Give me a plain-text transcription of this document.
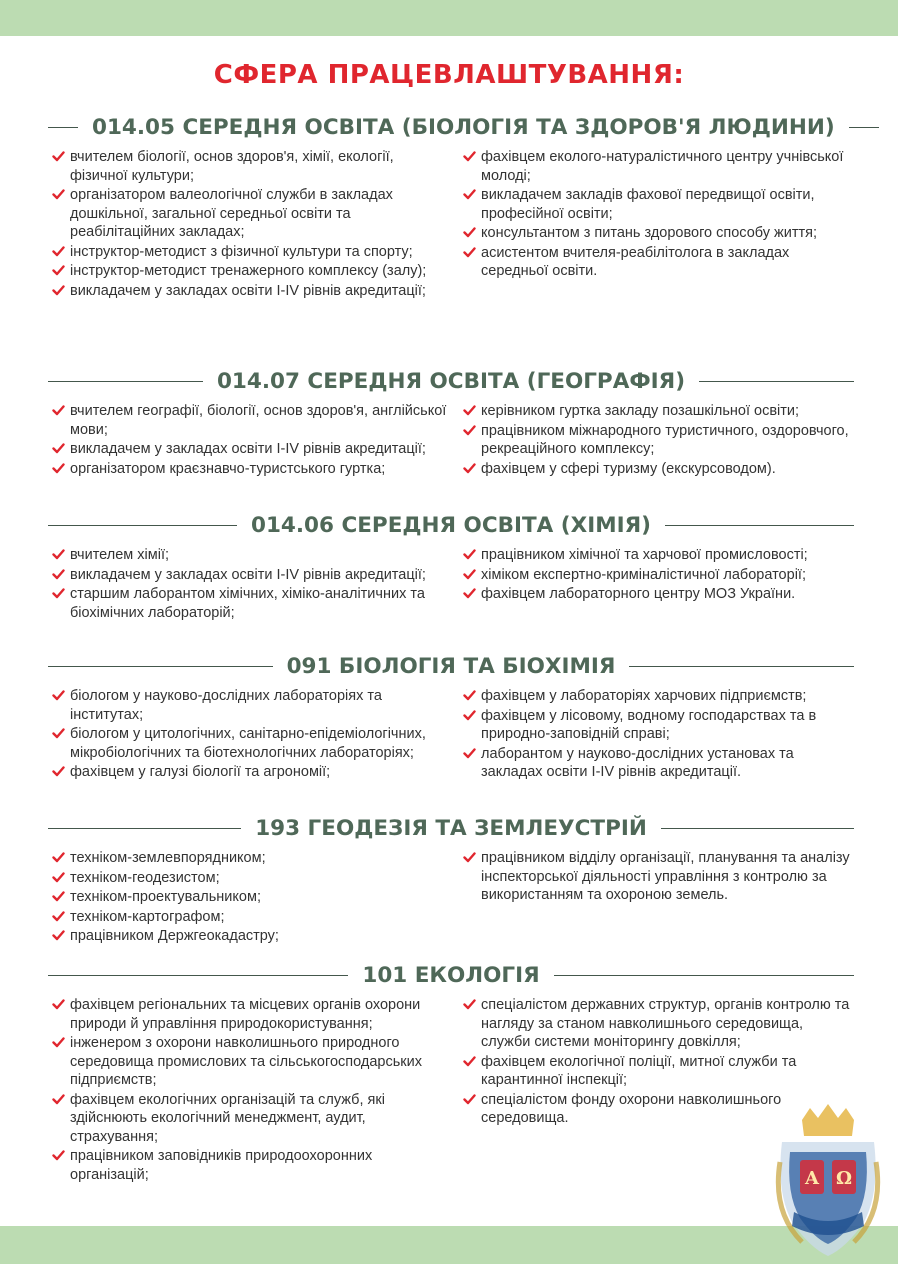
СФЕРА ПРАЦЕВЛАШТУВАННЯ:
014.05 СЕРЕДНЯ ОСВІТА (БІОЛОГІЯ ТА ЗДОРОВ'Я ЛЮДИНИ)
вчителем біології, основ здоров'я, хімії, екології, фізичної культури;
організатором валеологічної служби в закладах дошкільної, загальної середньої освіти та реабілітаційних закладах;
інструктор-методист з фізичної культури та спорту;
інструктор-методист тренажерного комплексу (залу);
викладачем у закладах освіти І-ІV рівнів акредитації;
фахівцем еколого-натуралістичного центру учнівської молоді;
викладачем закладів фахової передвищої освіти, професійної освіти;
консультантом з питань здорового способу життя;
асистентом вчителя-реабілітолога в закладах середньої освіти.
014.07 СЕРЕДНЯ ОСВІТА (ГЕОГРАФІЯ)
вчителем географії, біології, основ здоров'я, англійської мови;
викладачем у закладах освіти І-ІV рівнів акредитації;
організатором краєзнавчо-туристського гуртка;
керівником гуртка закладу позашкільної освіти;
працівником міжнародного туристичного, оздоровчого, рекреаційного комплексу;
фахівцем у сфері туризму (екскурсоводом).
014.06 СЕРЕДНЯ ОСВІТА (ХІМІЯ)
вчителем хімії;
викладачем у закладах освіти І-ІV рівнів акредитації;
старшим лаборантом хімічних, хіміко-аналітичних та біохімічних лабораторій;
працівником хімічної та харчової промисловості;
хіміком експертно-криміналістичної лабораторії;
фахівцем лабораторного центру МОЗ України.
091 БІОЛОГІЯ ТА БІОХІМІЯ
біологом у науково-дослідних лабораторіях та інститутах;
біологом у цитологічних, санітарно-епідеміологічних, мікробіологічних та біотехнологічних лабораторіях;
фахівцем у галузі біології та агрономії;
фахівцем у лабораторіях харчових підприємств;
фахівцем у лісовому, водному господарствах та в природно-заповідній справі;
лаборантом у науково-дослідних установах та закладах освіти І-ІV рівнів акредитації.
193 ГЕОДЕЗІЯ ТА ЗЕМЛЕУСТРІЙ
техніком-землевпорядником;
техніком-геодезистом;
техніком-проектувальником;
техніком-картографом;
працівником Держгеокадастру;
працівником відділу організації, планування та аналізу інспекторської діяльності управління з контролю за використанням та охороною земель.
101 ЕКОЛОГІЯ
фахівцем регіональних та місцевих органів охорони природи й управління природокористування;
інженером з охорони навколишнього природного середовища промислових та сільськогосподарських підприємств;
фахівцем екологічних організацій та служб, які здійснюють екологічний менеджмент, аудит, страхування;
працівником заповідників природоохоронних організацій;
спеціалістом державних структур, органів контролю та нагляду за станом навколишнього середовища, служби системи моніторингу довкілля;
фахівцем екологічної поліції, митної служби та карантинної інспекції;
спеціалістом фонду охорони навколишнього середовища.
Α Ω
